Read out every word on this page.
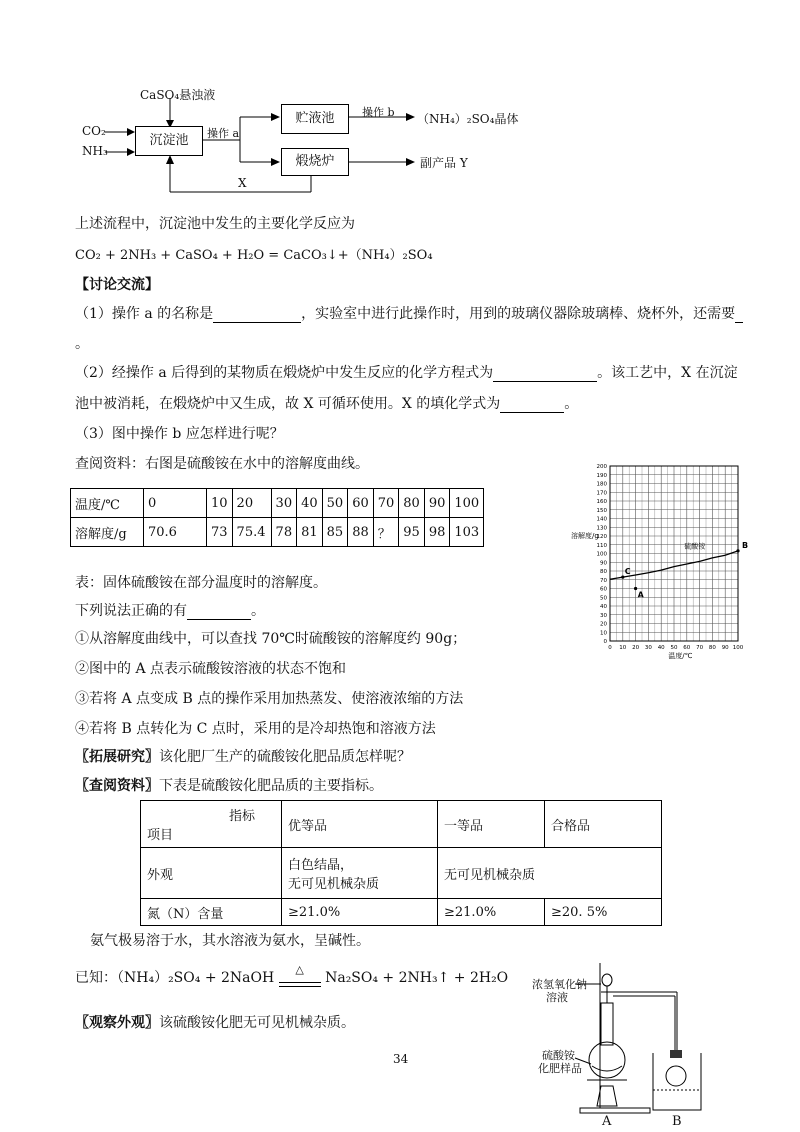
CaSO₄悬浊液
CO₂
NH₃
沉淀池	操作 a
贮液池	操作 b （NH₄）₂SO₄晶体
煅烧炉	副产品 Y
X
上述流程中，沉淀池中发生的主要化学反应为
CO₂ + 2NH₃ + CaSO₄ + H₂O = CaCO₃↓+（NH₄）₂SO₄
【讨论交流】
（1）操作 a 的名称是	，实验室中进行此操作时，用到的玻璃仪器除玻璃棒、烧杯外，还需要
。
（2）经操作 a 后得到的某物质在煅烧炉中发生反应的化学方程式为	。该工艺中，X 在沉淀
池中被消耗，在煅烧炉中又生成，故 X 可循环使用。X 的填化学式为	。
（3）图中操作 b 应怎样进行呢？
查阅资料：右图是硫酸铵在水中的溶解度曲线。
温度/℃	0	10	20	30	40	50	60	70	80	90	100
溶解度/g	70.6	73	75.4	78	81	85	88	？	95	98	103
0
10
20
30
40
50
60
70
80
90
100
110
120
130
140
150
160
170
180
190
200
0 10 20 30 40 50 60 70 80 90 100
溶解度/g
温度/℃
硫酸铵
A
B
C
表：固体硫酸铵在部分温度时的溶解度。
下列说法正确的有	。
①从溶解度曲线中，可以查找 70℃时硫酸铵的溶解度约 90g；
②图中的 A 点表示硫酸铵溶液的状态不饱和
③若将 A 点变成 B 点的操作采用加热蒸发、使溶液浓缩的方法
④若将 B 点转化为 C 点时，采用的是冷却热饱和溶液方法
〖拓展研究〗该化肥厂生产的硫酸铵化肥品质怎样呢？
〖查阅资料〗下表是硫酸铵化肥品质的主要指标。
指标
项目	优等品	一等品	合格品
外观	白色结晶，
无可见机械杂质	无可见机械杂质	
氮（N）含量	≥21.0%	≥21.0%	≥20. 5%
氨气极易溶于水，其水溶液为氨水，呈碱性。
已知：（NH₄）₂SO₄ + 2NaOH
△
Na₂SO₄ + 2NH₃↑ + 2H₂O
〖观察外观〗该硫酸铵化肥无可见机械杂质。
34
浓氢氧化钠
溶液
硫酸铵
化肥样品
A	B
